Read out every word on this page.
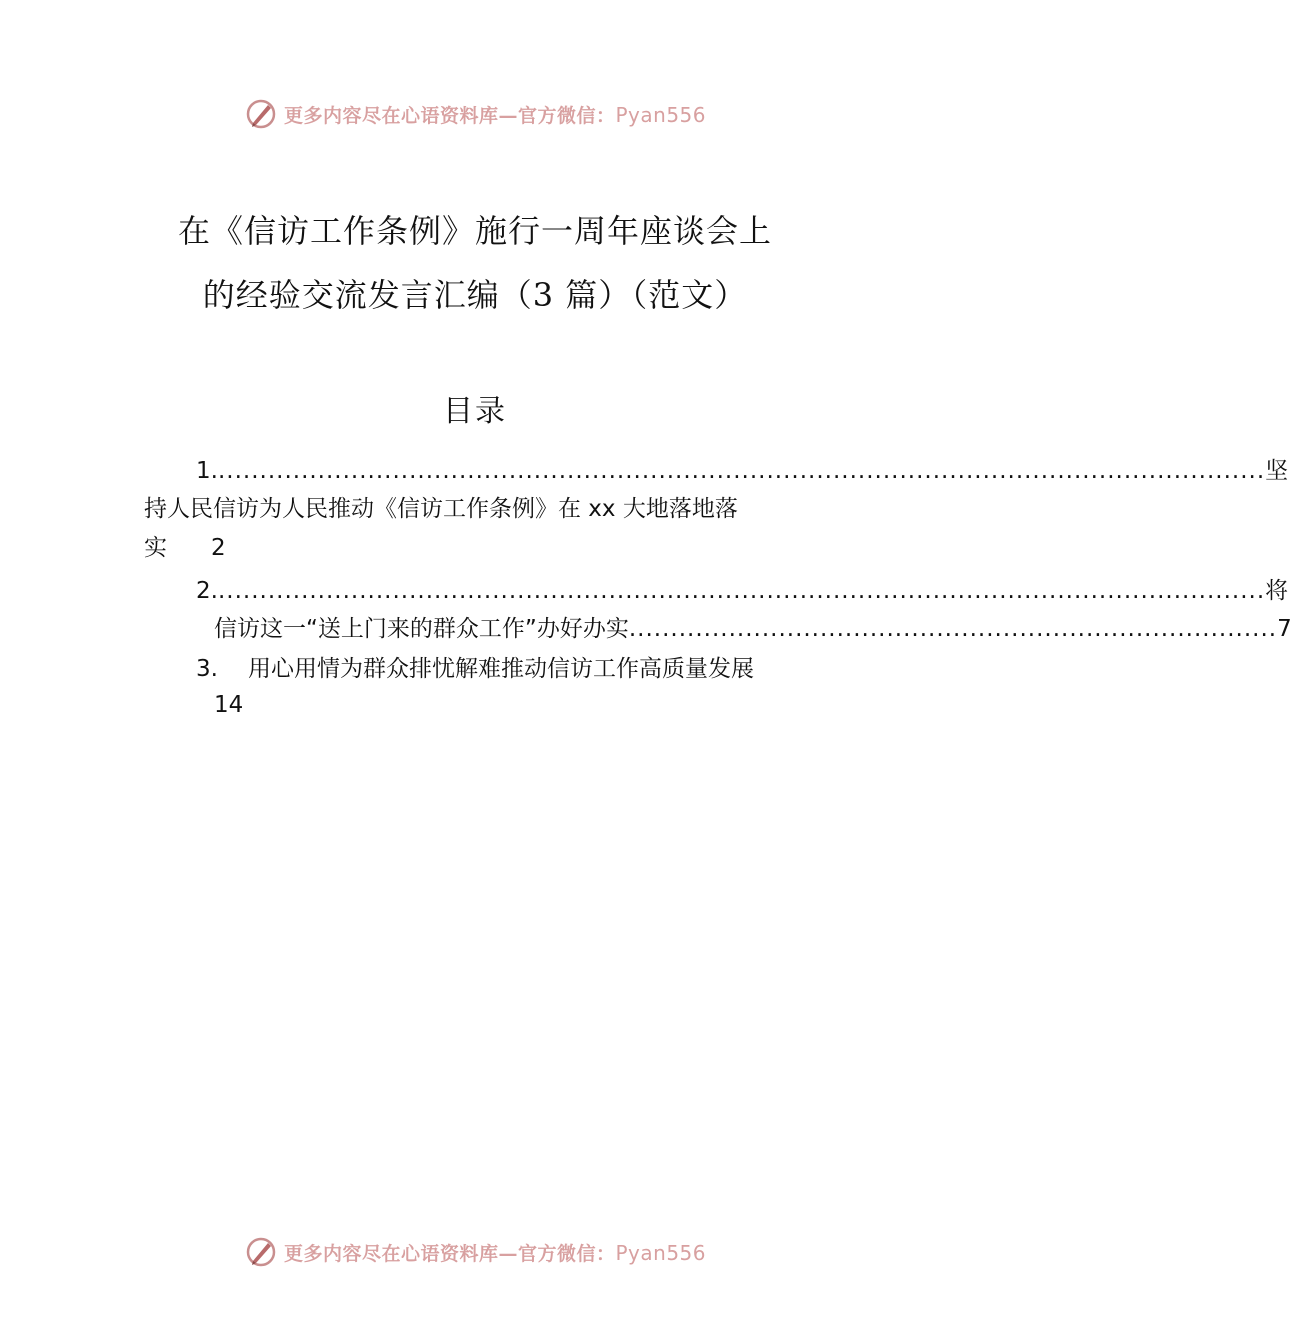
更多内容尽在心语资料库—官方微信：Pyan556
在《信访工作条例》施行一周年座谈会上
的经验交流发言汇编（3 篇）（范文）
目录
1. .............................................................................................................................. 坚
持人民信访为人民推动《信访工作条例》在 xx 大地落地落
实 2
2. .............................................................................................................................. 将
信访这一“送上门来的群众工作”办好办实 .............................................................................. 7
3. 用心用情为群众排忧解难推动信访工作高质量发展
14
更多内容尽在心语资料库—官方微信：Pyan556
